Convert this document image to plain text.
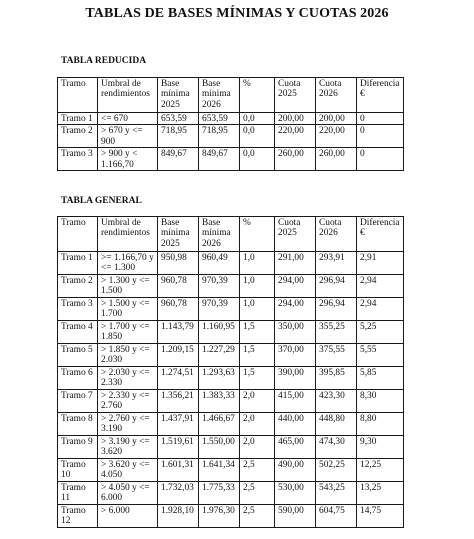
TABLAS DE BASES MÍNIMAS Y CUOTAS 2026
TABLA REDUCIDA
Tramo	Umbral de rendimientos	Base mínima 2025	Base mínima 2026	%	Cuota 2025	Cuota 2026	Diferencia €
Tramo 1	<= 670	653,59	653,59	0,0	200,00	200,00	0
Tramo 2	> 670 y <= 900	718,95	718,95	0,0	220,00	220,00	0
Tramo 3	> 900 y < 1.166,70	849,67	849,67	0,0	260,00	260,00	0
TABLA GENERAL
Tramo	Umbral de rendimientos	Base mínima 2025	Base mínima 2026	%	Cuota 2025	Cuota 2026	Diferencia €
Tramo 1	>= 1.166,70 y <= 1.300	950,98	960,49	1,0	291,00	293,91	2,91
Tramo 2	> 1.300 y <= 1.500	960,78	970,39	1,0	294,00	296,94	2,94
Tramo 3	> 1.500 y <= 1.700	960,78	970,39	1,0	294,00	296,94	2,94
Tramo 4	> 1.700 y <= 1.850	1.143,79	1.160,95	1,5	350,00	355,25	5,25
Tramo 5	> 1.850 y <= 2.030	1.209,15	1.227,29	1,5	370,00	375,55	5,55
Tramo 6	> 2.030 y <= 2.330	1.274,51	1.293,63	1,5	390,00	395,85	5,85
Tramo 7	> 2.330 y <= 2.760	1.356,21	1.383,33	2,0	415,00	423,30	8,30
Tramo 8	> 2.760 y <= 3.190	1.437,91	1.466,67	2,0	440,00	448,80	8,80
Tramo 9	> 3.190 y <= 3.620	1.519,61	1.550,00	2,0	465,00	474,30	9,30
Tramo 10	> 3.620 y <= 4.050	1.601,31	1.641,34	2,5	490,00	502,25	12,25
Tramo 11	> 4.050 y <= 6.000	1.732,03	1.775,33	2,5	530,00	543,25	13,25
Tramo 12	> 6.000	1.928,10	1.976,30	2,5	590,00	604,75	14,75
